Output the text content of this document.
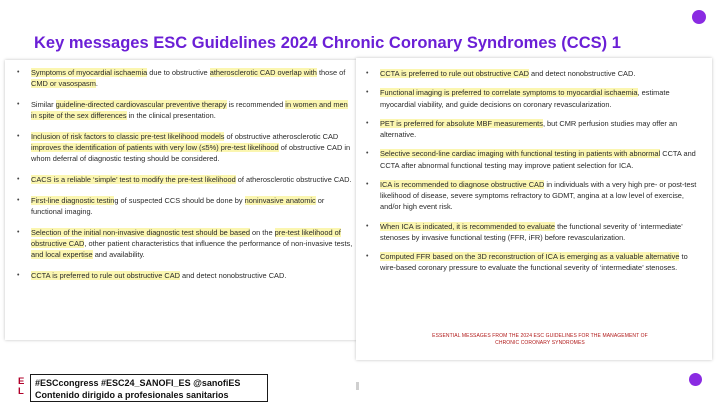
Key messages ESC Guidelines 2024 Chronic Coronary Syndromes (CCS) 1
• Symptoms of myocardial ischaemia due to obstructive atherosclerotic CAD overlap with those of CMD or vasospasm.
• Similar guideline-directed cardiovascular preventive therapy is recommended in women and men in spite of the sex differences in the clinical presentation.
• Inclusion of risk factors to classic pre-test likelihood models of obstructive atherosclerotic CAD improves the identification of patients with very low (≤5%) pre-test likelihood of obstructive CAD in whom deferral of diagnostic testing should be considered.
• CACS is a reliable ‘simple’ test to modify the pre-test likelihood of atherosclerotic obstructive CAD.
• First-line diagnostic testing of suspected CCS should be done by noninvasive anatomic or functional imaging.
• Selection of the initial non-invasive diagnostic test should be based on the pre-test likelihood of obstructive CAD, other patient characteristics that influence the performance of non-invasive tests, and local expertise and availability.
• CCTA is preferred to rule out obstructive CAD and detect nonobstructive CAD.
• CCTA is preferred to rule out obstructive CAD and detect nonobstructive CAD.
• Functional imaging is preferred to correlate symptoms to myocardial ischaemia, estimate myocardial viability, and guide decisions on coronary revascularization.
• PET is preferred for absolute MBF measurements, but CMR perfusion studies may offer an alternative.
• Selective second-line cardiac imaging with functional testing in patients with abnormal CCTA and CCTA after abnormal functional testing may improve patient selection for ICA.
• ICA is recommended to diagnose obstructive CAD in individuals with a very high pre- or post-test likelihood of disease, severe symptoms refractory to GDMT, angina at a low level of exercise, and/or high event risk.
• When ICA is indicated, it is recommended to evaluate the functional severity of ‘intermediate’ stenoses by invasive functional testing (FFR, iFR) before revascularization.
• Computed FFR based on the 3D reconstruction of ICA is emerging as a valuable alternative to wire-based coronary pressure to evaluate the functional severity of ‘intermediate’ stenoses.
ESSENTIAL MESSAGES FROM THE 2024 ESC GUIDELINES FOR THE MANAGEMENT OF
CHRONIC CORONARY SYNDROMES
E
L
#ESCcongress #ESC24_SANOFI_ES @sanofiES
Contenido dirigido a profesionales sanitarios
